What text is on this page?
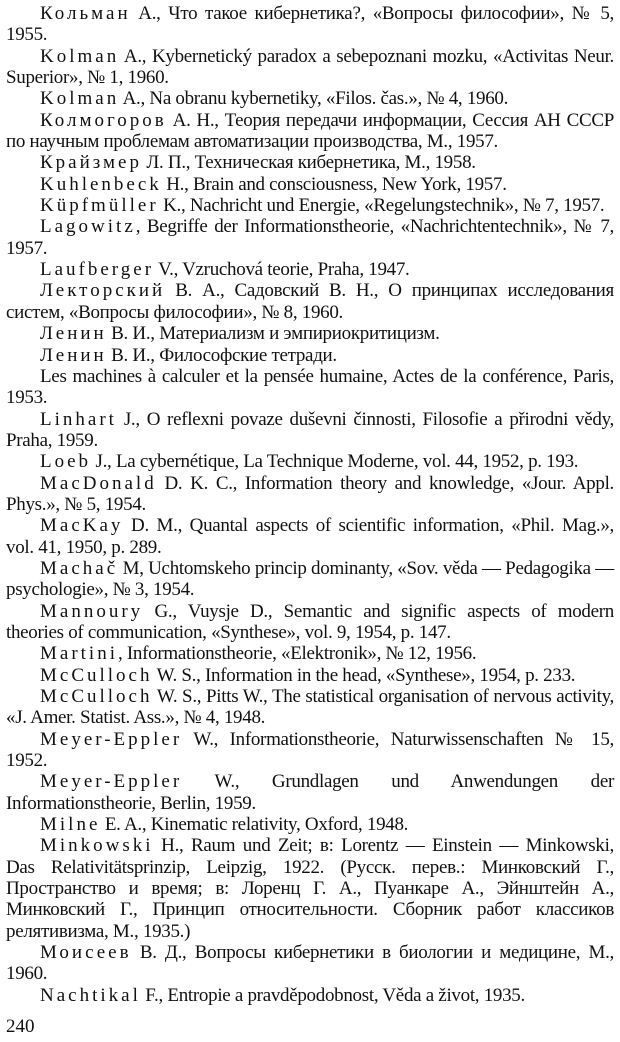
Кольман А., Что такое кибернетика?, «Вопросы философии», № 5, 1955.

Kolman A., Kybernetický paradox a sebepoznani mozku, «Activitas Neur. Superior», № 1, 1960.

Kolman A., Na obranu kybernetiky, «Filos. čas.», № 4, 1960.

Колмогоров А. Н., Теория передачи информации, Сессия АН СССР по научным проблемам автоматизации производства, М., 1957.

Крайзмер Л. П., Техническая кибернетика, М., 1958.

Kuhlenbeck H., Brain and consciousness, New York, 1957.

Küpfmüller K., Nachricht und Energie, «Regelungstechnik», № 7, 1957.

Lagowitz, Begriffe der Informationstheorie, «Nachrichtentechnik», № 7, 1957.

Laufberger V., Vzruchová teorie, Praha, 1947.

Лекторский В. А., Садовский В. Н., О принципах исследования систем, «Вопросы философии», № 8, 1960.

Ленин В. И., Материализм и эмпириокритицизм.

Ленин В. И., Философские тетради.

Les machines à calculer et la pensée humaine, Actes de la conférence, Paris, 1953.

Linhart J., O reflexni povaze duševni činnosti, Filosofie a přirodni vědy, Praha, 1959.

Loeb J., La cybernétique, La Technique Moderne, vol. 44, 1952, p. 193.

MacDonald D. K. C., Information theory and knowledge, «Jour. Appl. Phys.», № 5, 1954.

MacKay D. M., Quantal aspects of scientific information, «Phil. Mag.», vol. 41, 1950, p. 289.

Machač M, Uchtomskeho princip dominanty, «Sov. věda — Pedagogika — psychologie», № 3, 1954.

Mannoury G., Vuysje D., Semantic and signific aspects of modern theories of communication, «Synthese», vol. 9, 1954, p. 147.

Martini, Informationstheorie, «Elektronik», № 12, 1956.

McCulloch W. S., Information in the head, «Synthese», 1954, p. 233.

McCulloch W. S., Pitts W., The statistical organisation of nervous activity, «J. Amer. Statist. Ass.», № 4, 1948.

Meyer-Eppler W., Informationstheorie, Naturwissenschaften № 15, 1952.

Meyer-Eppler W., Grundlagen und Anwendungen der Informationstheorie, Berlin, 1959.

Milne E. A., Kinematic relativity, Oxford, 1948.

Minkowski H., Raum und Zeit; в: Lorentz — Einstein — Minkowski, Das Relativitätsprinzip, Leipzig, 1922. (Русск. перев.: Минковский Г., Пространство и время; в: Лоренц Г. А., Пуанкаре А., Эйнштейн А., Минковский Г., Принцип относительности. Сборник работ классиков релятивизма, М., 1935.)

Моисеев В. Д., Вопросы кибернетики в биологии и медицине, М., 1960.

Nachtikal F., Entropie a pravděpodobnost, Věda a život, 1935.

240
